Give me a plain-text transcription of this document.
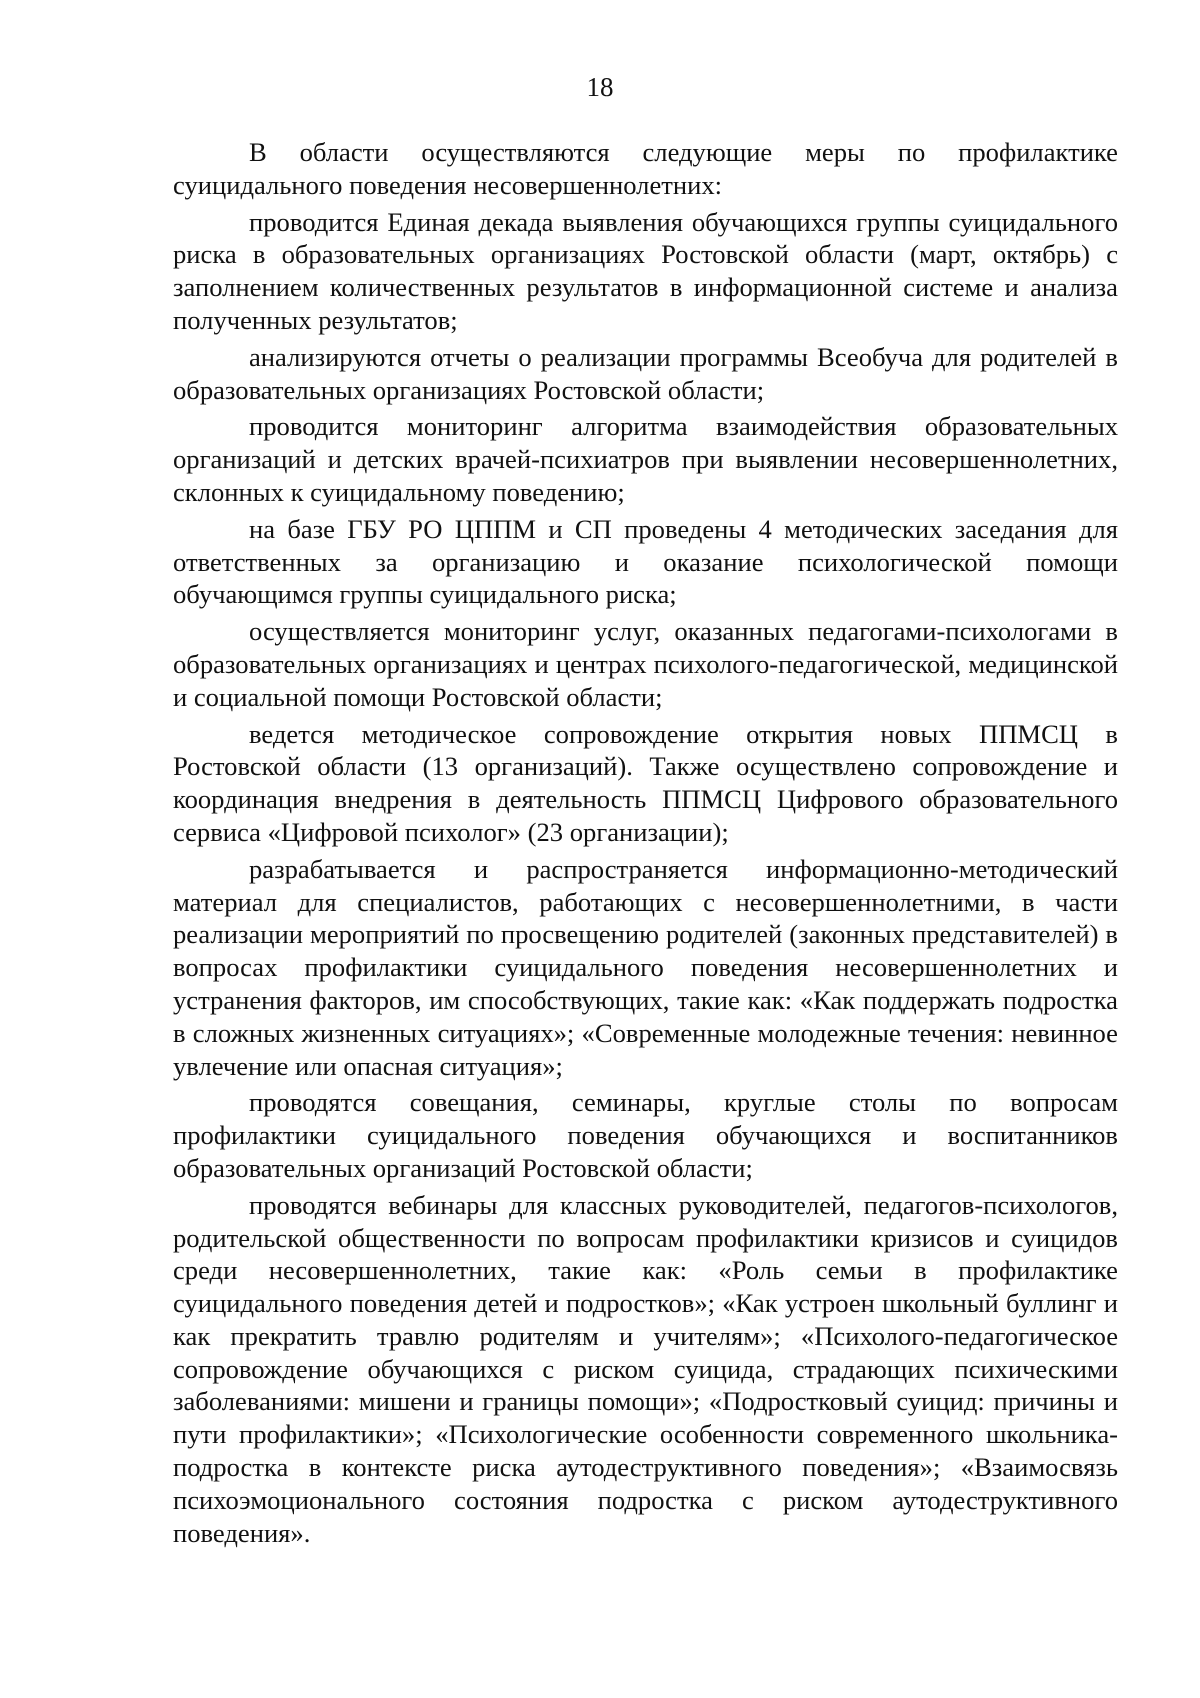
18

В области осуществляются следующие меры по профилактике суицидального поведения несовершеннолетних:

проводится Единая декада выявления обучающихся группы суицидального риска в образовательных организациях Ростовской области (март, октябрь) с заполнением количественных результатов в информационной системе и анализа полученных результатов;

анализируются отчеты о реализации программы Всеобуча для родителей в образовательных организациях Ростовской области;

проводится мониторинг алгоритма взаимодействия образовательных организаций и детских врачей-психиатров при выявлении несовершеннолетних, склонных к суицидальному поведению;

на базе ГБУ РО ЦППМ и СП проведены 4 методических заседания для ответственных за организацию и оказание психологической помощи обучающимся группы суицидального риска;

осуществляется мониторинг услуг, оказанных педагогами-психологами в образовательных организациях и центрах психолого-педагогической, медицинской и социальной помощи Ростовской области;

ведется методическое сопровождение открытия новых ППМСЦ в Ростовской области (13 организаций). Также осуществлено сопровождение и координация внедрения в деятельность ППМСЦ Цифрового образовательного сервиса «Цифровой психолог» (23 организации);

разрабатывается и распространяется информационно-методический материал для специалистов, работающих с несовершеннолетними, в части реализации мероприятий по просвещению родителей (законных представителей) в вопросах профилактики суицидального поведения несовершеннолетних и устранения факторов, им способствующих, такие как: «Как поддержать подростка в сложных жизненных ситуациях»; «Современные молодежные течения: невинное увлечение или опасная ситуация»;

проводятся совещания, семинары, круглые столы по вопросам профилактики суицидального поведения обучающихся и воспитанников образовательных организаций Ростовской области;

проводятся вебинары для классных руководителей, педагогов-психологов, родительской общественности по вопросам профилактики кризисов и суицидов среди несовершеннолетних, такие как: «Роль семьи в профилактике суицидального поведения детей и подростков»; «Как устроен школьный буллинг и как прекратить травлю родителям и учителям»; «Психолого-педагогическое сопровождение обучающихся с риском суицида, страдающих психическими заболеваниями: мишени и границы помощи»; «Подростковый суицид: причины и пути профилактики»; «Психологические особенности современного школьника-подростка в контексте риска аутодеструктивного поведения»; «Взаимосвязь психоэмоционального состояния подростка с риском аутодеструктивного поведения».
